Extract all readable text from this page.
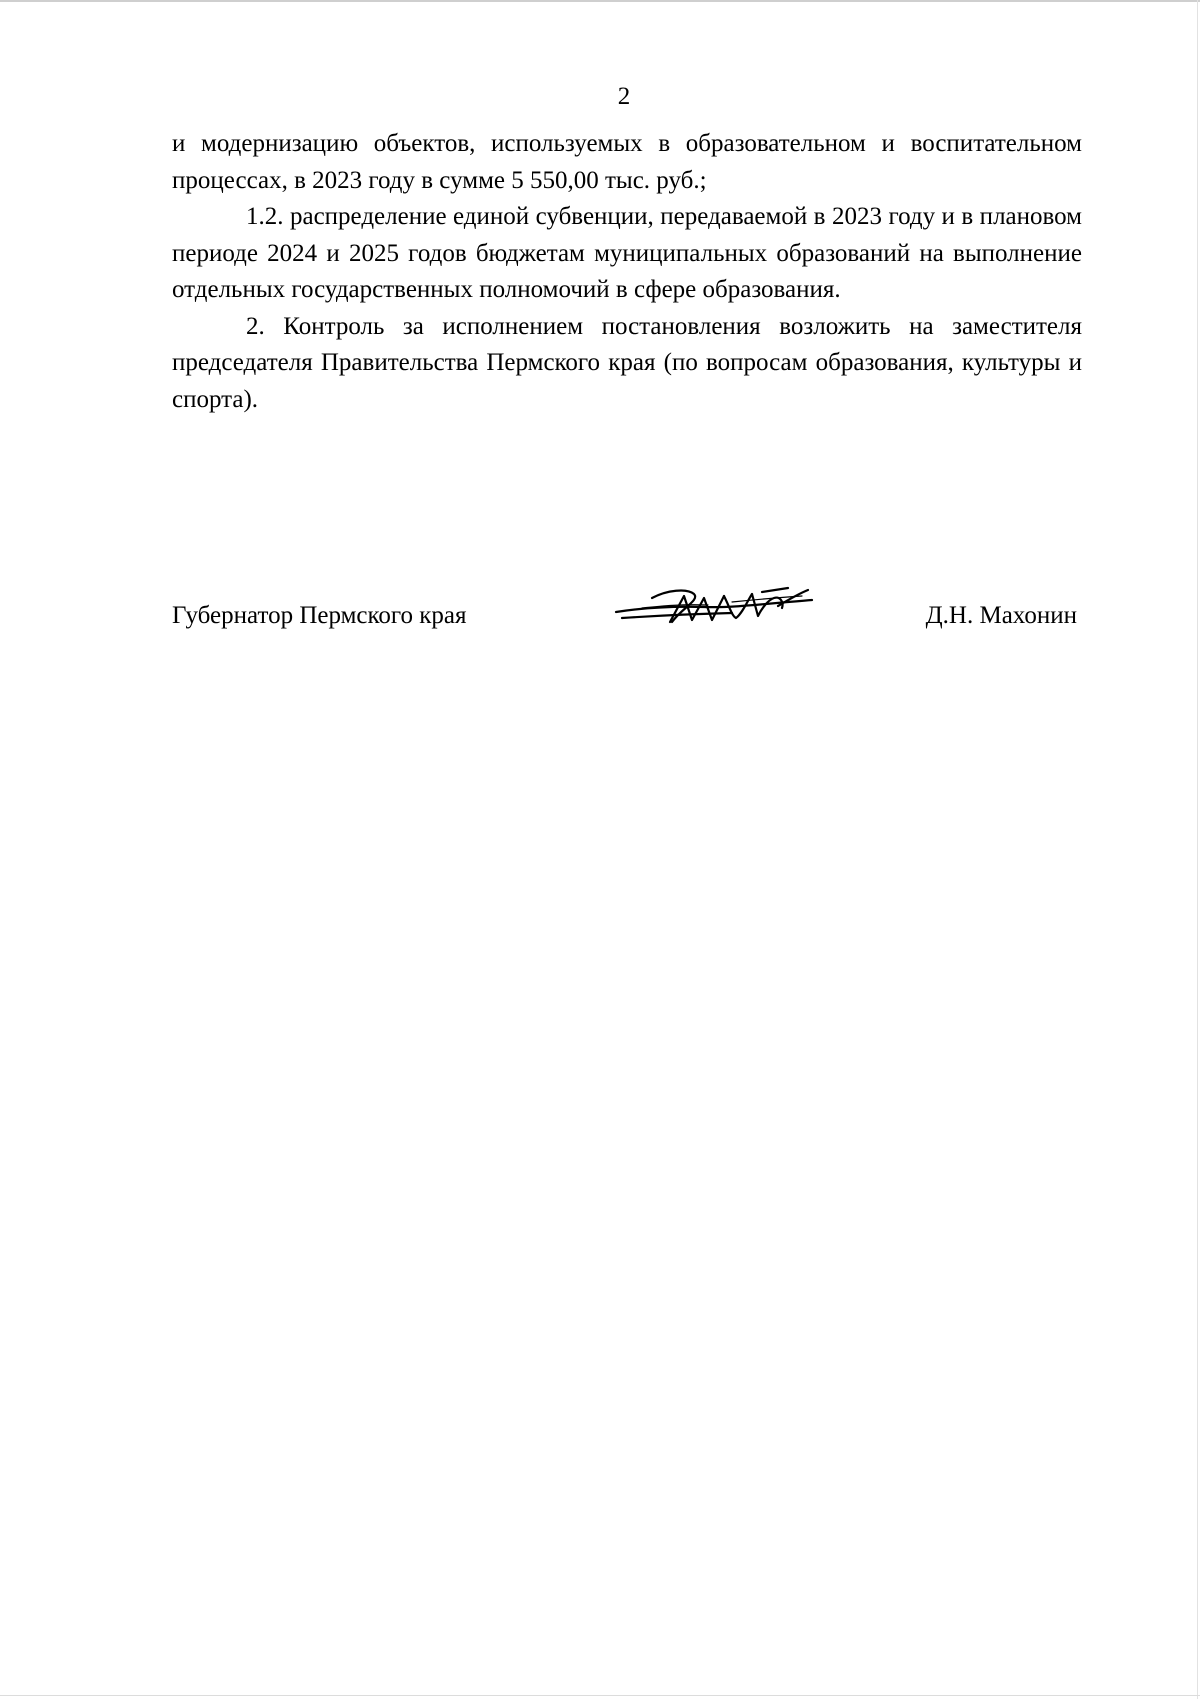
2

и модернизацию объектов, используемых в образовательном и воспитательном процессах, в 2023 году в сумме 5 550,00 тыс. руб.;

1.2. распределение единой субвенции, передаваемой в 2023 году и в плановом периоде 2024 и 2025 годов бюджетам муниципальных образований на выполнение отдельных государственных полномочий в сфере образования.

2. Контроль за исполнением постановления возложить на заместителя председателя Правительства Пермского края (по вопросам образования, культуры и спорта).

Губернатор Пермского края	Д.Н. Махонин
